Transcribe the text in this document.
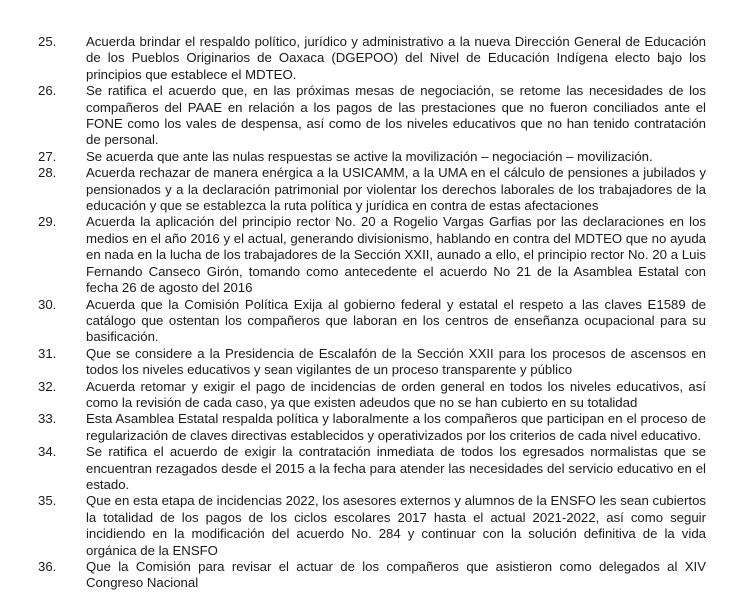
25.	Acuerda brindar el respaldo político, jurídico y administrativo a la nueva Dirección General de Educación de los Pueblos Originarios de Oaxaca (DGEPOO) del Nivel de Educación Indígena electo bajo los principios que establece el MDTEO.
26.	Se ratifica el acuerdo que, en las próximas mesas de negociación, se retome las necesidades de los compañeros del PAAE en relación a los pagos de las prestaciones que no fueron conciliados ante el FONE como los vales de despensa, así como de los niveles educativos que no han tenido contratación de personal.
27.	Se acuerda que ante las nulas respuestas se active la movilización – negociación – movilización.
28.	Acuerda rechazar de manera enérgica a la USICAMM, a la UMA en el cálculo de pensiones a jubilados y pensionados y a la declaración patrimonial por violentar los derechos laborales de los trabajadores de la educación y que se establezca la ruta política y jurídica en contra de estas afectaciones
29.	Acuerda la aplicación del principio rector No. 20 a Rogelio Vargas Garfias por las declaraciones en los medios en el año 2016 y el actual, generando divisionismo, hablando en contra del MDTEO que no ayuda en nada en la lucha de los trabajadores de la Sección XXII, aunado a ello, el principio rector No. 20 a Luis Fernando Canseco Girón, tomando como antecedente el acuerdo No 21 de la Asamblea Estatal con fecha 26 de agosto del 2016
30.	Acuerda que la Comisión Política Exija al gobierno federal y estatal el respeto a las claves E1589 de catálogo que ostentan los compañeros que laboran en los centros de enseñanza ocupacional para su basificación.
31.	Que se considere a la Presidencia de Escalafón de la Sección XXII para los procesos de ascensos en todos los niveles educativos y sean vigilantes de un proceso transparente y público
32.	Acuerda retomar y exigir el pago de incidencias de orden general en todos los niveles educativos, así como la revisión de cada caso, ya que existen adeudos que no se han cubierto en su totalidad
33.	Esta Asamblea Estatal respalda política y laboralmente a los compañeros que participan en el proceso de regularización de claves directivas establecidos y operativizados por los criterios de cada nivel educativo.
34.	Se ratifica el acuerdo de exigir la contratación inmediata de todos los egresados normalistas que se encuentran rezagados desde el 2015 a la fecha para atender las necesidades del servicio educativo en el estado.
35.	Que en esta etapa de incidencias 2022, los asesores externos y alumnos de la ENSFO les sean cubiertos la totalidad de los pagos de los ciclos escolares 2017 hasta el actual 2021-2022, así como seguir incidiendo en la modificación del acuerdo No. 284 y continuar con la solución definitiva de la vida orgánica de la ENSFO
36.	Que la Comisión para revisar el actuar de los compañeros que asistieron como delegados al XIV Congreso Nacional
